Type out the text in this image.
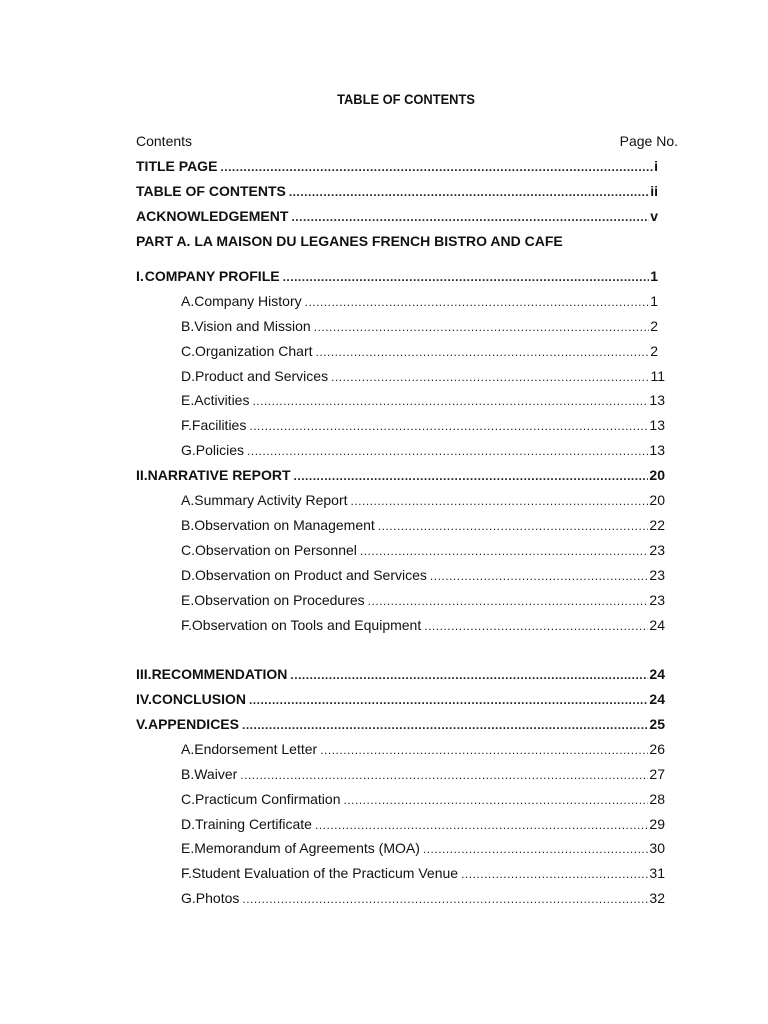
TABLE OF CONTENTS
Contents	Page No.
TITLE PAGE .....	i
TABLE OF CONTENTS .....	ii
ACKNOWLEDGEMENT .....	v
PART A. LA MAISON DU LEGANES FRENCH BISTRO AND CAFE
I. COMPANY PROFILE .....	1
A. Company History .....	1
B. Vision and Mission .....	2
C. Organization Chart .....	2
D. Product and Services .....	11
E. Activities .....	13
F. Facilities .....	13
G. Policies .....	13
II. NARRATIVE REPORT .....	20
A. Summary Activity Report .....	20
B. Observation on Management .....	22
C. Observation on Personnel .....	23
D. Observation on Product and Services .....	23
E. Observation on Procedures .....	23
F. Observation on Tools and Equipment .....	24
III. RECOMMENDATION .....	24
IV. CONCLUSION .....	24
V. APPENDICES .....	25
A. Endorsement Letter .....	26
B. Waiver .....	27
C. Practicum Confirmation .....	28
D. Training Certificate .....	29
E. Memorandum of Agreements (MOA) .....	30
F. Student Evaluation of the Practicum Venue .....	31
G. Photos .....	32
